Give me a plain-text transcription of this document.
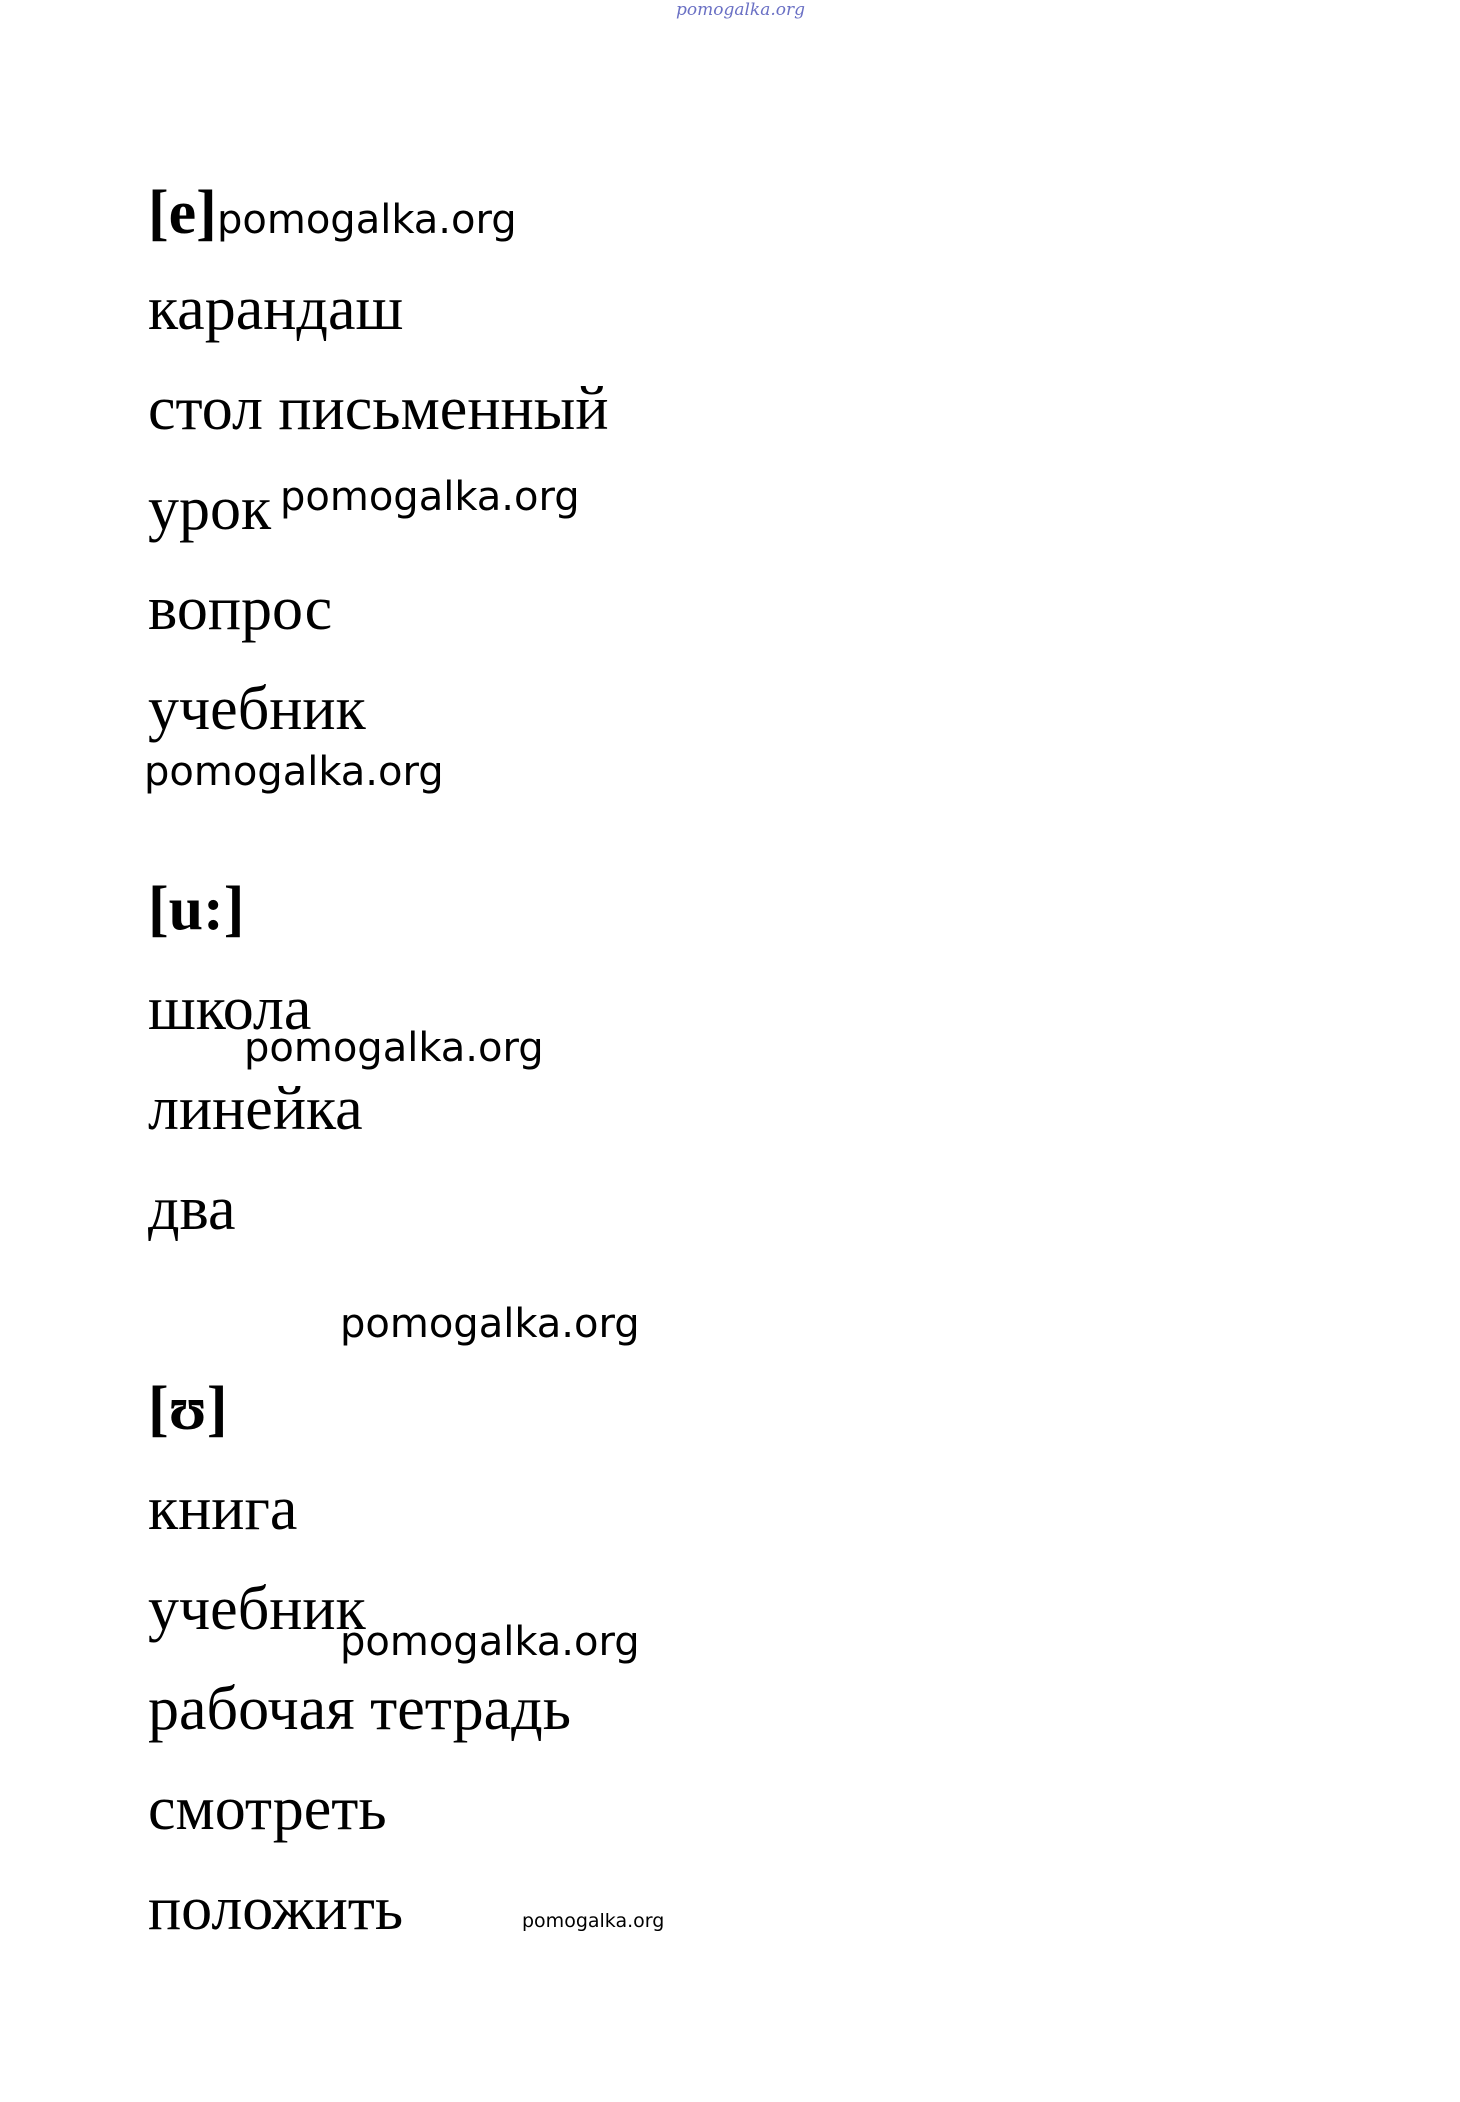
pomogalka.org
[e] pomogalka.org
карандаш
стол письменный
урок pomogalka.org
вопрос
учебник
pomogalka.org
[u:]
школа
pomogalka.org
линейка
два
pomogalka.org
[ʊ]
книга
учебник
pomogalka.org
рабочая тетрадь
смотреть
положить	pomogalka.org
